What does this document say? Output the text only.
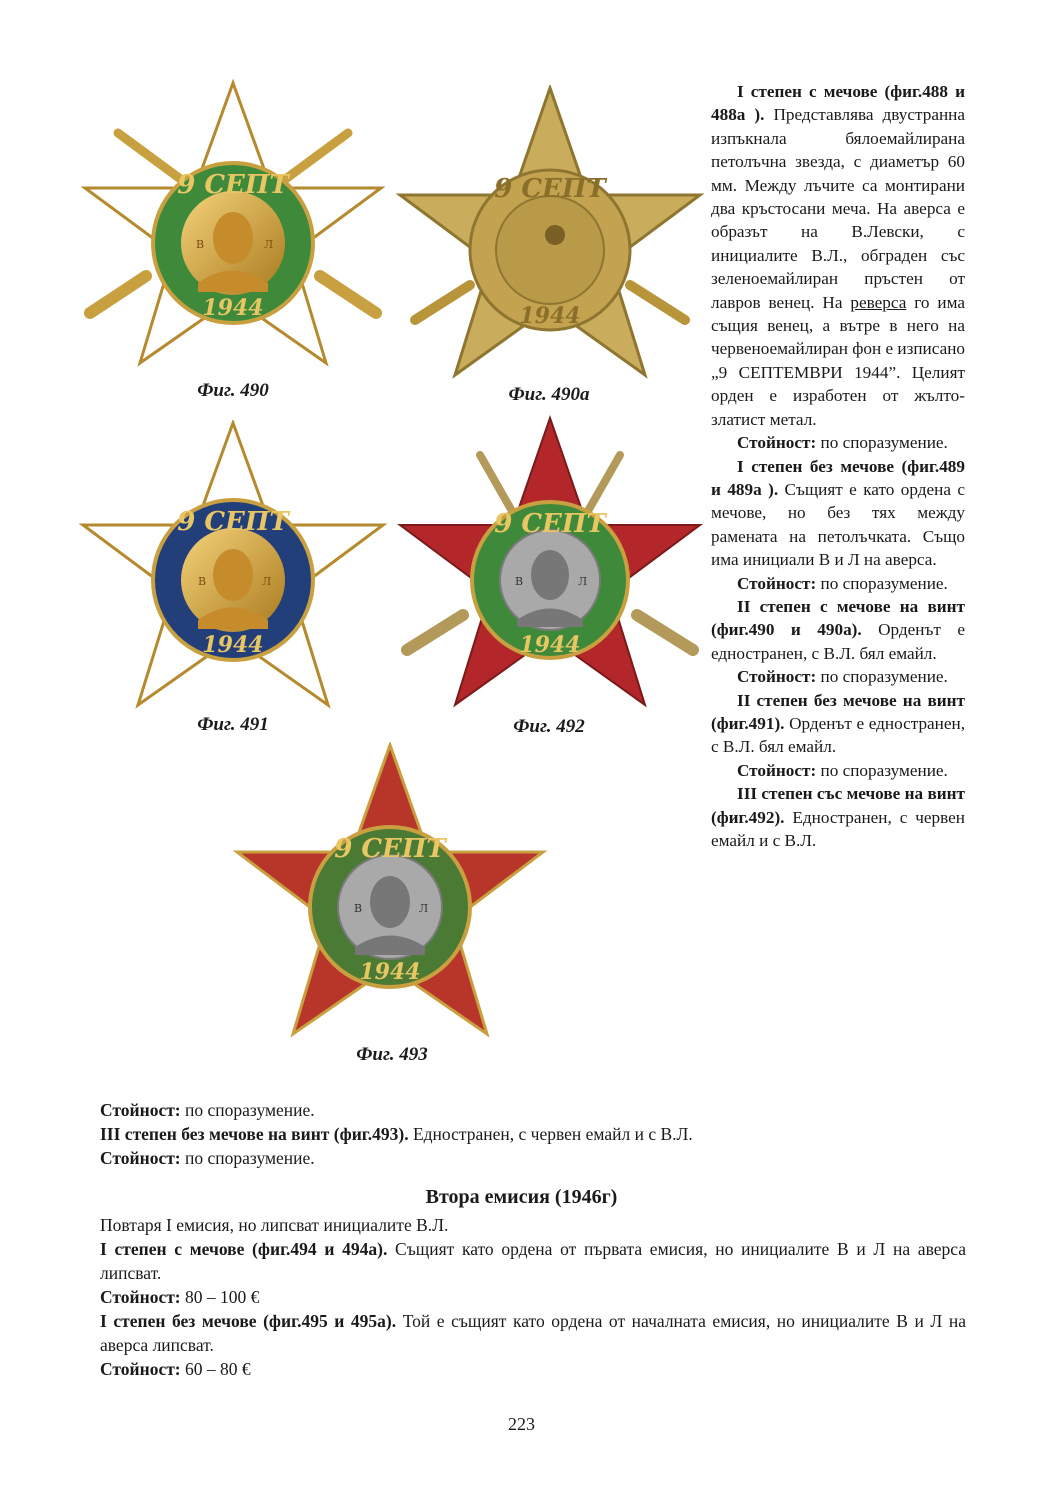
9 СЕПТ
1944
В	Л
Фиг. 490
9 СЕПТ
1944
Фиг. 490а
9 СЕПТ
1944
В	Л
Фиг. 491
9 СЕПТ
1944
В	Л
Фиг. 492
9 СЕПТ
1944
В	Л
Фиг. 493

I степен с мечове (фиг.488 и 488а ). Представлява двустранна изпъкнала бялоемайлирана петолъчна звезда, с диаметър 60 мм. Между лъчите са монтирани два кръстосани меча. На аверса е образът на В.Левски, с инициалите В.Л., обграден със зеленоемайлиран пръстен от лавров венец. На реверса го има същия венец, а вътре в него на червеноемайлиран фон е изписано „9 СЕПТЕМВРИ 1944”. Целият орден е изработен от жълто-златист метал.

Стойност: по споразумение.

I степен без мечове (фиг.489 и 489а ). Същият е като ордена с мечове, но без тях между рамената на петолъчката. Също има инициали В и Л на аверса.

Стойност: по споразумение.

II степен с мечове на винт (фиг.490 и 490а). Орденът е едностранен, с В.Л. бял емайл.

Стойност: по споразумение.

II степен без мечове на винт (фиг.491). Орденът е едностранен, с В.Л. бял емайл.

Стойност: по споразумение.

III степен със мечове на винт (фиг.492). Едностранен, с червен емайл и с В.Л.

Стойност: по споразумение.

III степен без мечове на винт (фиг.493). Едностранен, с червен емайл и с В.Л.

Стойност: по споразумение.

Втора емисия (1946г)

Повтаря I емисия, но липсват инициалите В.Л.

I степен с мечове (фиг.494 и 494а). Същият като ордена от първата емисия, но инициалите В и Л на аверса липсват.

Стойност: 80 – 100 €

I степен без мечове (фиг.495 и 495а). Той е същият като ордена от началната емисия, но инициалите В и Л на аверса липсват.

Стойност: 60 – 80 €

223
